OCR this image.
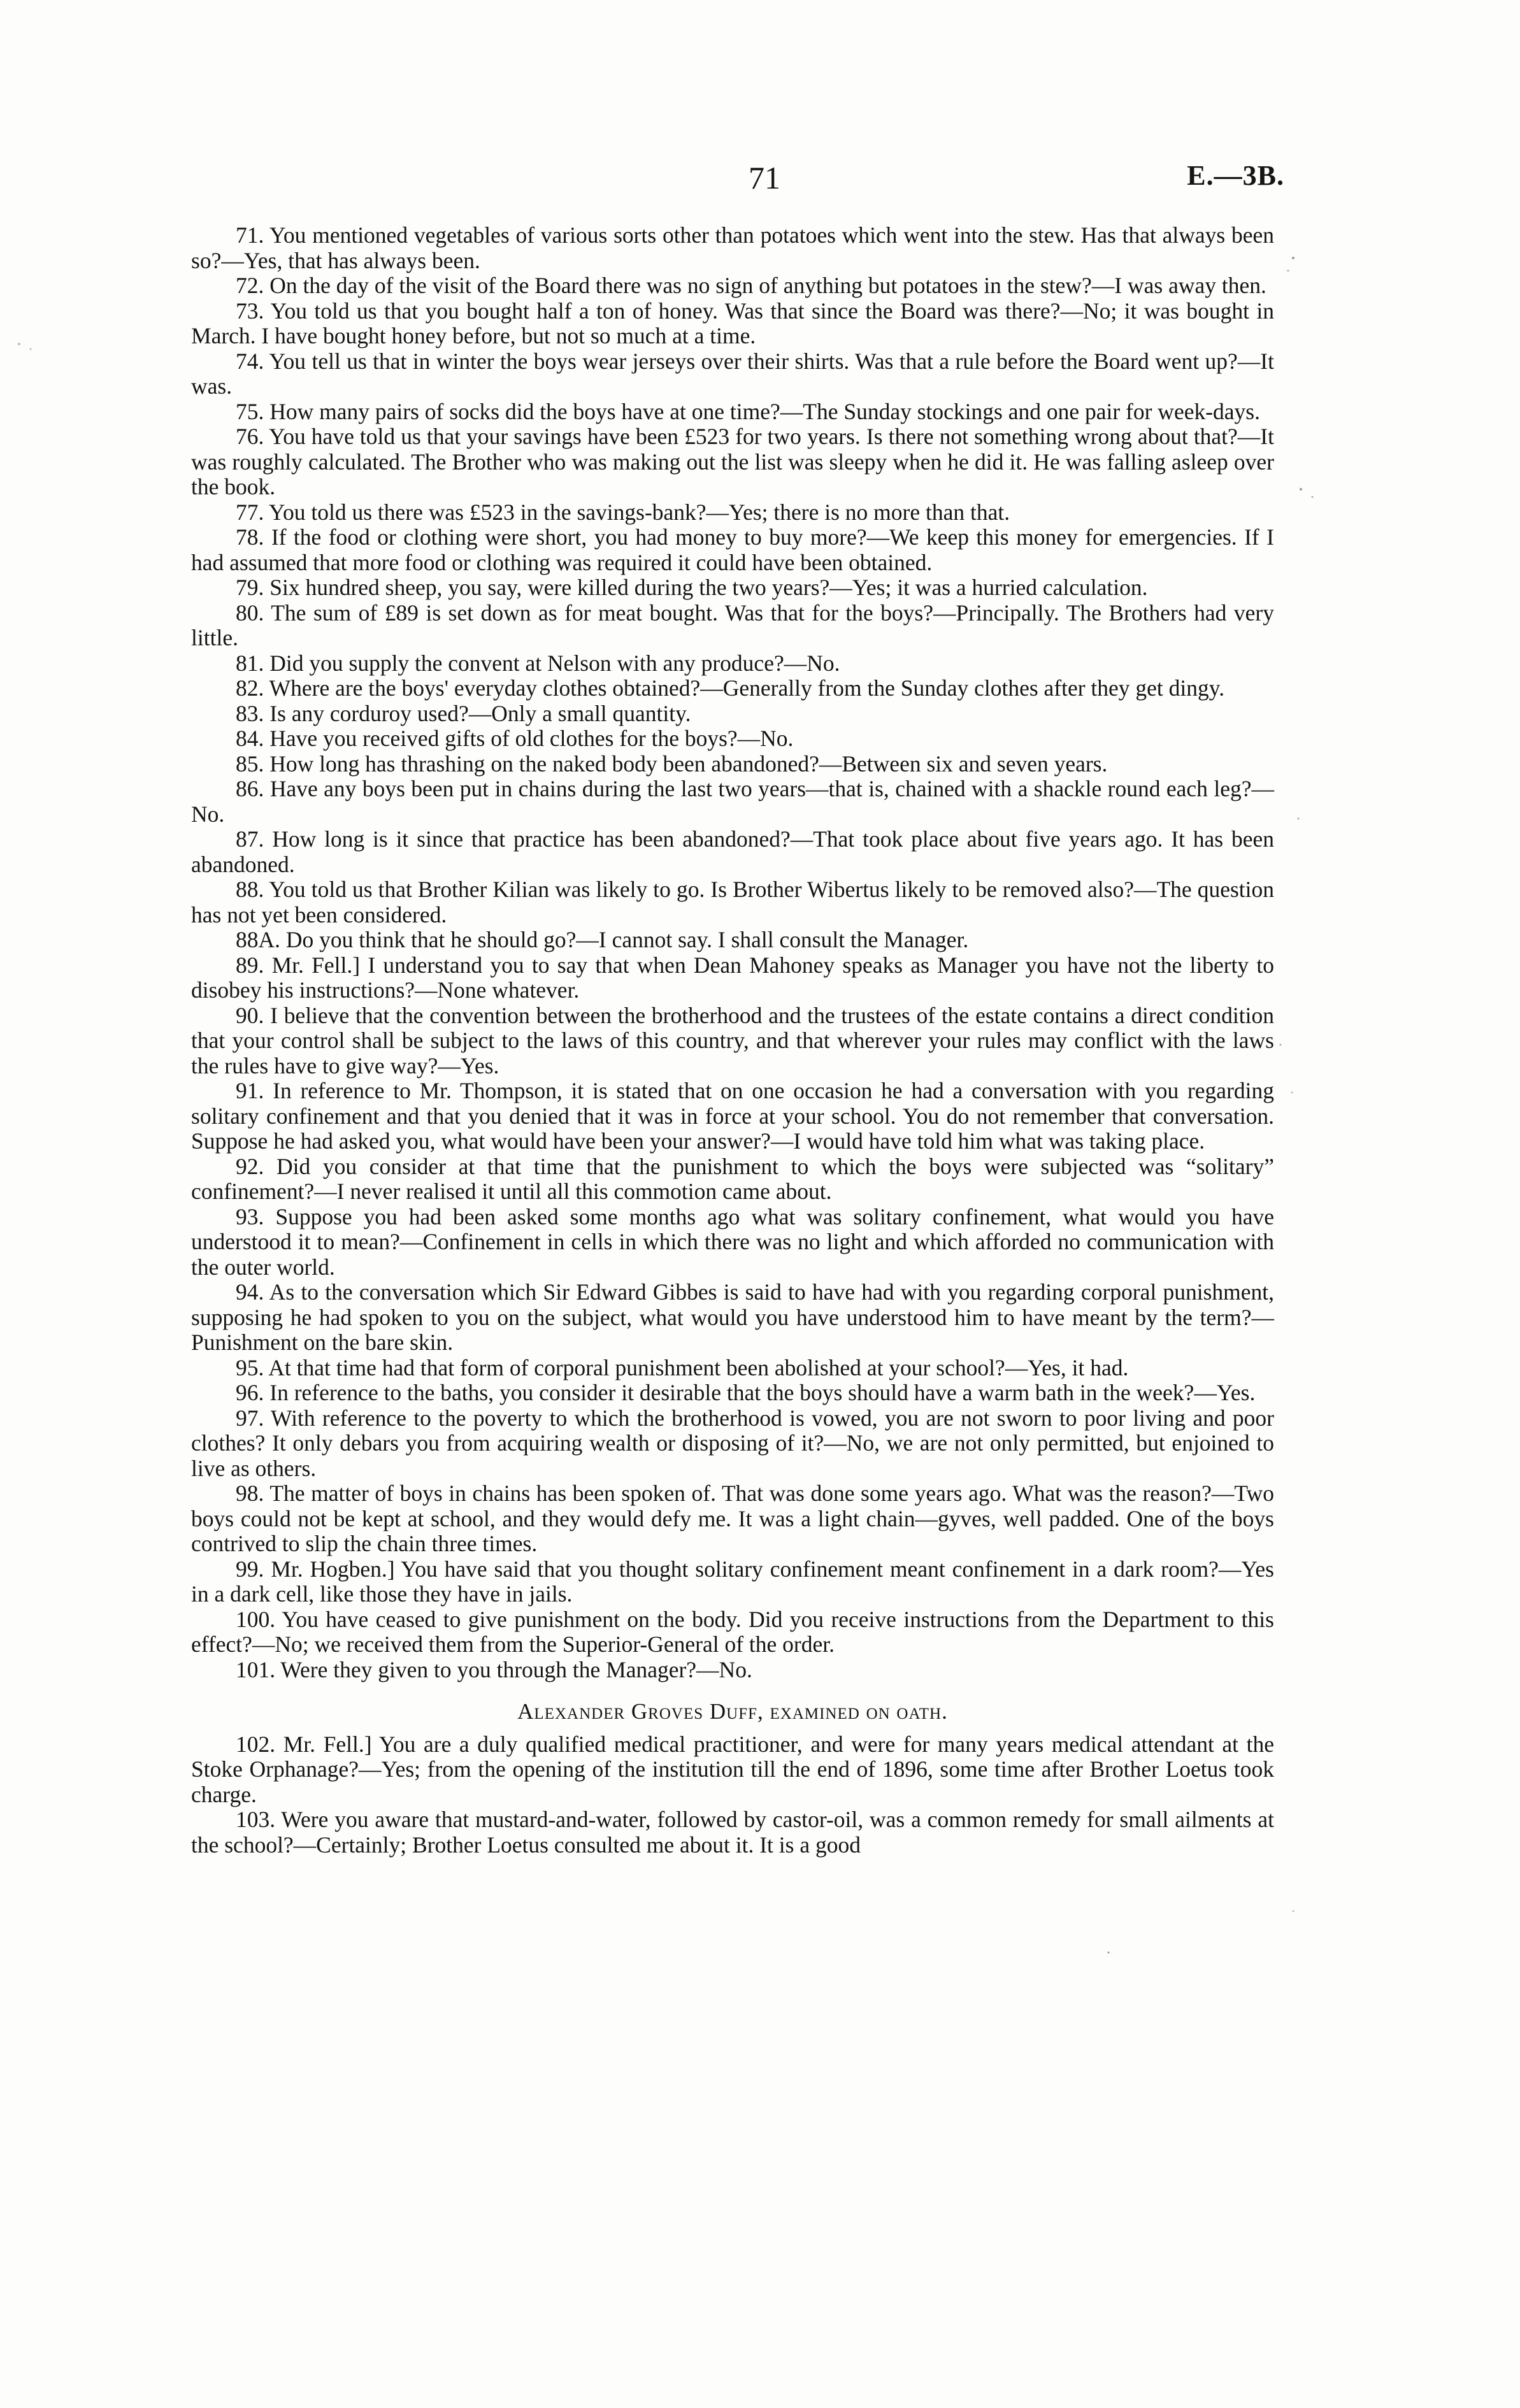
71	E.—3B.

71. You mentioned vegetables of various sorts other than potatoes which went into the stew. Has that always been so?—Yes, that has always been.

72. On the day of the visit of the Board there was no sign of anything but potatoes in the stew?—I was away then.

73. You told us that you bought half a ton of honey. Was that since the Board was there?—No; it was bought in March. I have bought honey before, but not so much at a time.

74. You tell us that in winter the boys wear jerseys over their shirts. Was that a rule before the Board went up?—It was.

75. How many pairs of socks did the boys have at one time?—The Sunday stockings and one pair for week-days.

76. You have told us that your savings have been £523 for two years. Is there not something wrong about that?—It was roughly calculated. The Brother who was making out the list was sleepy when he did it. He was falling asleep over the book.

77. You told us there was £523 in the savings-bank?—Yes; there is no more than that.

78. If the food or clothing were short, you had money to buy more?—We keep this money for emergencies. If I had assumed that more food or clothing was required it could have been obtained.

79. Six hundred sheep, you say, were killed during the two years?—Yes; it was a hurried calculation.

80. The sum of £89 is set down as for meat bought. Was that for the boys?—Principally. The Brothers had very little.

81. Did you supply the convent at Nelson with any produce?—No.

82. Where are the boys' everyday clothes obtained?—Generally from the Sunday clothes after they get dingy.

83. Is any corduroy used?—Only a small quantity.

84. Have you received gifts of old clothes for the boys?—No.

85. How long has thrashing on the naked body been abandoned?—Between six and seven years.

86. Have any boys been put in chains during the last two years—that is, chained with a shackle round each leg?—No.

87. How long is it since that practice has been abandoned?—That took place about five years ago. It has been abandoned.

88. You told us that Brother Kilian was likely to go. Is Brother Wibertus likely to be removed also?—The question has not yet been considered.

88A. Do you think that he should go?—I cannot say. I shall consult the Manager.

89. Mr. Fell.] I understand you to say that when Dean Mahoney speaks as Manager you have not the liberty to disobey his instructions?—None whatever.

90. I believe that the convention between the brotherhood and the trustees of the estate contains a direct condition that your control shall be subject to the laws of this country, and that wherever your rules may conflict with the laws the rules have to give way?—Yes.

91. In reference to Mr. Thompson, it is stated that on one occasion he had a conversation with you regarding solitary confinement and that you denied that it was in force at your school. You do not remember that conversation. Suppose he had asked you, what would have been your answer?—I would have told him what was taking place.

92. Did you consider at that time that the punishment to which the boys were subjected was “solitary” confinement?—I never realised it until all this commotion came about.

93. Suppose you had been asked some months ago what was solitary confinement, what would you have understood it to mean?—Confinement in cells in which there was no light and which afforded no communication with the outer world.

94. As to the conversation which Sir Edward Gibbes is said to have had with you regarding corporal punishment, supposing he had spoken to you on the subject, what would you have understood him to have meant by the term?—Punishment on the bare skin.

95. At that time had that form of corporal punishment been abolished at your school?—Yes, it had.

96. In reference to the baths, you consider it desirable that the boys should have a warm bath in the week?—Yes.

97. With reference to the poverty to which the brotherhood is vowed, you are not sworn to poor living and poor clothes? It only debars you from acquiring wealth or disposing of it?—No, we are not only permitted, but enjoined to live as others.

98. The matter of boys in chains has been spoken of. That was done some years ago. What was the reason?—Two boys could not be kept at school, and they would defy me. It was a light chain—gyves, well padded. One of the boys contrived to slip the chain three times.

99. Mr. Hogben.] You have said that you thought solitary confinement meant confinement in a dark room?—Yes in a dark cell, like those they have in jails.

100. You have ceased to give punishment on the body. Did you receive instructions from the Department to this effect?—No; we received them from the Superior-General of the order.

101. Were they given to you through the Manager?—No.

Alexander Groves Duff, examined on oath.

102. Mr. Fell.] You are a duly qualified medical practitioner, and were for many years medical attendant at the Stoke Orphanage?—Yes; from the opening of the institution till the end of 1896, some time after Brother Loetus took charge.

103. Were you aware that mustard-and-water, followed by castor-oil, was a common remedy for small ailments at the school?—Certainly; Brother Loetus consulted me about it. It is a good
